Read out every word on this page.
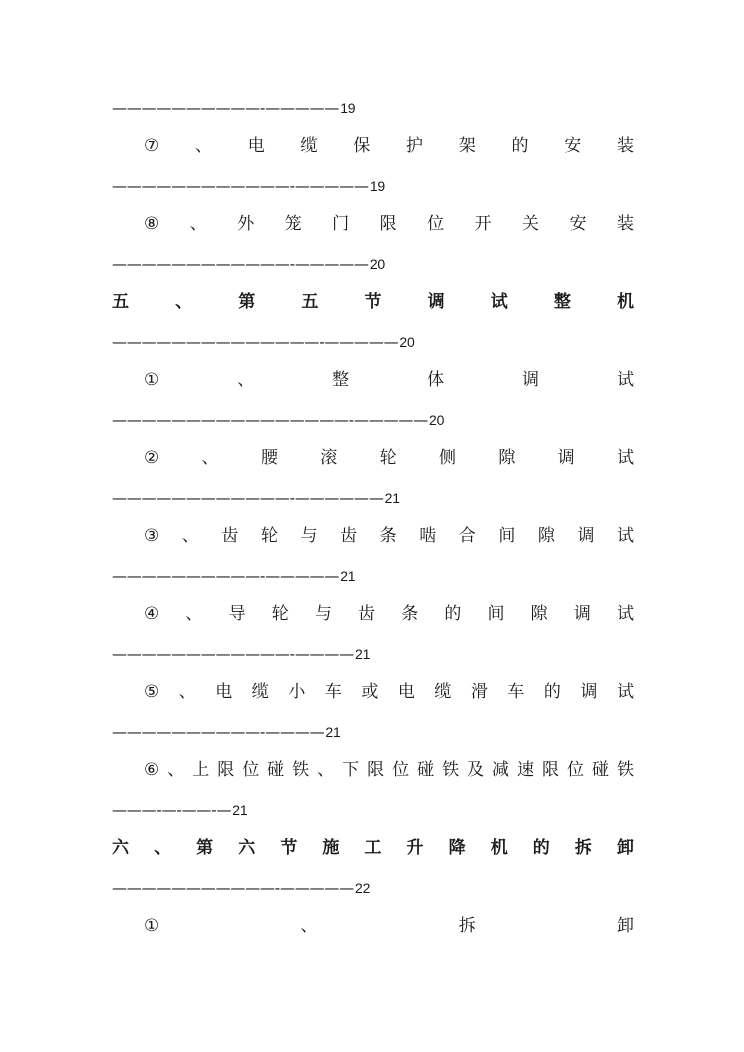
——————————-—————19
⑦ 、 电 缆 保 护 架 的 安 装
————————————-—————19
⑧ 、 外 笼 门 限 位 开 关 安 装
————————————-—————20
五	、	第	五	节	调	试	整	机
——————————————-—————20
①	、	整	体	调	试
————————————————-—————20
② 、 腰 滚 轮 侧 隙 调 试
————————————-——————21
③ 、 齿 轮 与 齿 条 啮 合 间 隙 调 试
——————————-—————21
④ 、 导 轮 与 齿 条 的 间 隙 调 试
————————————-————21
⑤ 、 电 缆 小 车 或 电 缆 滑 车 的 调 试
——————————-————21
⑥ 、 上 限 位 碰 铁 、 下 限 位 碰 铁 及 减 速 限 位 碰 铁
———-—-——-—21
六 、 第 六 节 施 工 升 降 机 的 拆 卸
———————————-—————22
①	、	拆	卸
